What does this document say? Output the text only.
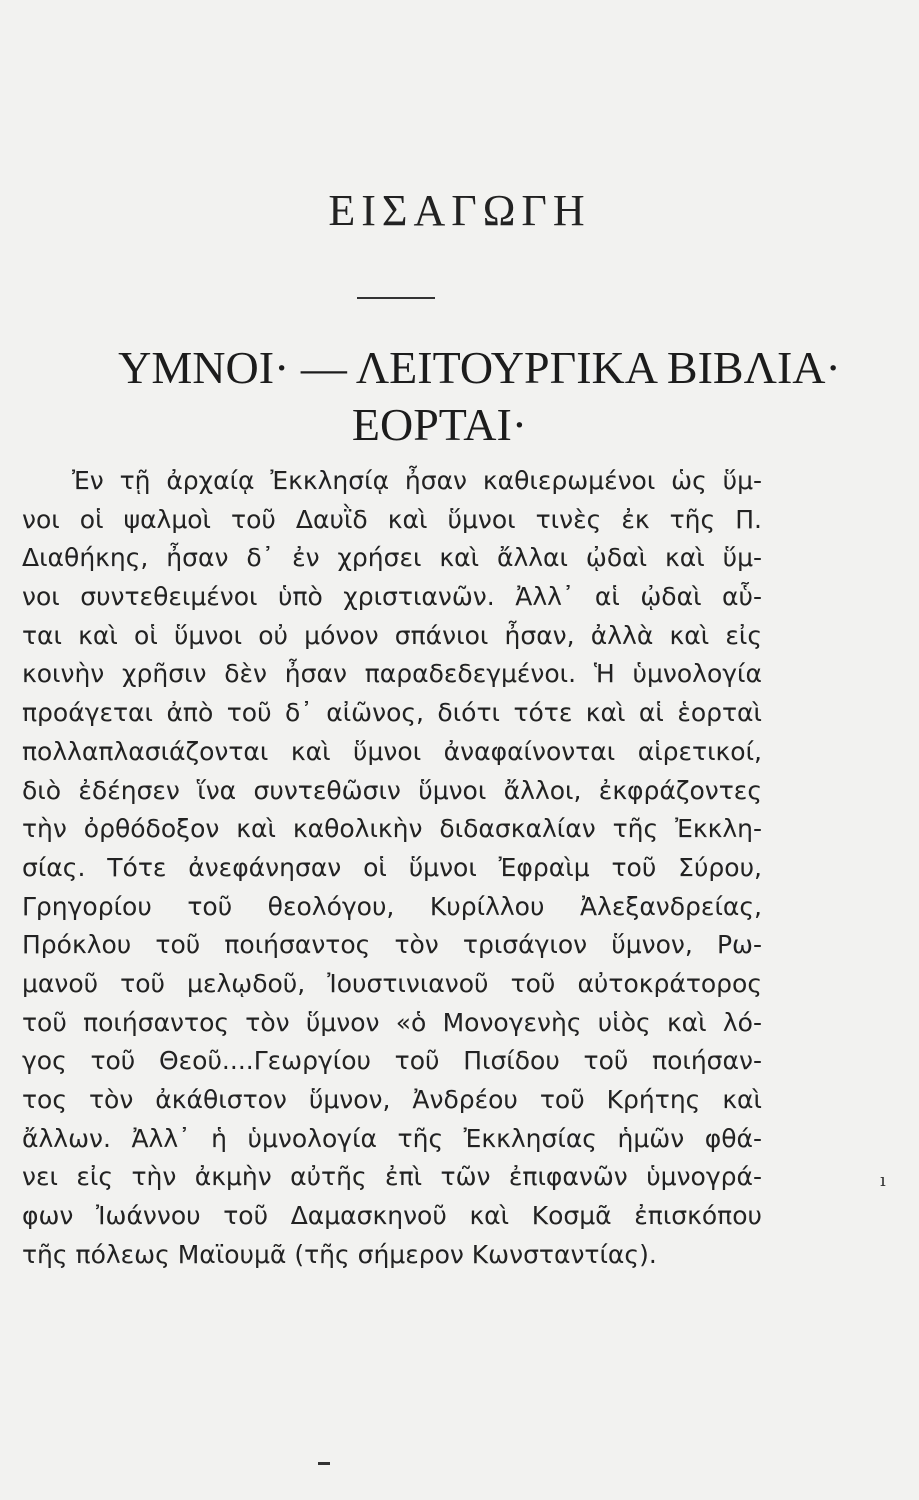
ΕΙΣΑΓΩΓΗ
ΥΜΝΟΙ· — ΛΕΙΤΟΥΡΓΙΚΑ ΒΙΒΛΙΑ·
ΕΟΡΤΑΙ·
Ἐν τῇ ἀρχαίᾳ Ἐκκλησίᾳ ἦσαν καθιερωμένοι ὡς ὕμ-
νοι οἱ ψαλμοὶ τοῦ Δαυῒδ καὶ ὕμνοι τινὲς ἐκ τῆς Π.
Διαθήκης, ἦσαν δ᾽ ἐν χρήσει καὶ ἄλλαι ᾠδαὶ καὶ ὕμ-
νοι συντεθειμένοι ὑπὸ χριστιανῶν. Ἀλλ᾽ αἱ ᾠδαὶ αὗ-
ται καὶ οἱ ὕμνοι οὐ μόνον σπάνιοι ἦσαν, ἀλλὰ καὶ εἰς
κοινὴν χρῆσιν δὲν ἦσαν παραδεδεγμένοι. Ἡ ὑμνολογία
προάγεται ἀπὸ τοῦ δ᾽ αἰῶνος, διότι τότε καὶ αἱ ἑορταὶ
πολλαπλασιάζονται καὶ ὕμνοι ἀναφαίνονται αἱρετικοί,
διὸ ἐδέησεν ἵνα συντεθῶσιν ὕμνοι ἄλλοι, ἐκφράζοντες
τὴν ὀρθόδοξον καὶ καθολικὴν διδασκαλίαν τῆς Ἐκκλη-
σίας. Τότε ἀνεφάνησαν οἱ ὕμνοι Ἐφραὶμ τοῦ Σύρου,
Γρηγορίου τοῦ θεολόγου, Κυρίλλου Ἀλεξανδρείας,
Πρόκλου τοῦ ποιήσαντος τὸν τρισάγιον ὕμνον, Ρω-
μανοῦ τοῦ μελῳδοῦ, Ἰουστινιανοῦ τοῦ αὐτοκράτορος
τοῦ ποιήσαντος τὸν ὕμνον «ὁ Μονογενὴς υἱὸς καὶ λό-
γος τοῦ Θεοῦ....Γεωργίου τοῦ Πισίδου τοῦ ποιήσαν-
τος τὸν ἀκάθιστον ὕμνον, Ἀνδρέου τοῦ Κρήτης καὶ
ἄλλων. Ἀλλ᾽ ἡ ὑμνολογία τῆς Ἐκκλησίας ἡμῶν φθά-
νει εἰς τὴν ἀκμὴν αὐτῆς ἐπὶ τῶν ἐπιφανῶν ὑμνογρά-
φων Ἰωάννου τοῦ Δαμασκηνοῦ καὶ Κοσμᾶ ἐπισκόπου
τῆς πόλεως Μαϊουμᾶ (τῆς σήμερον Κωνσταντίας).
ı
